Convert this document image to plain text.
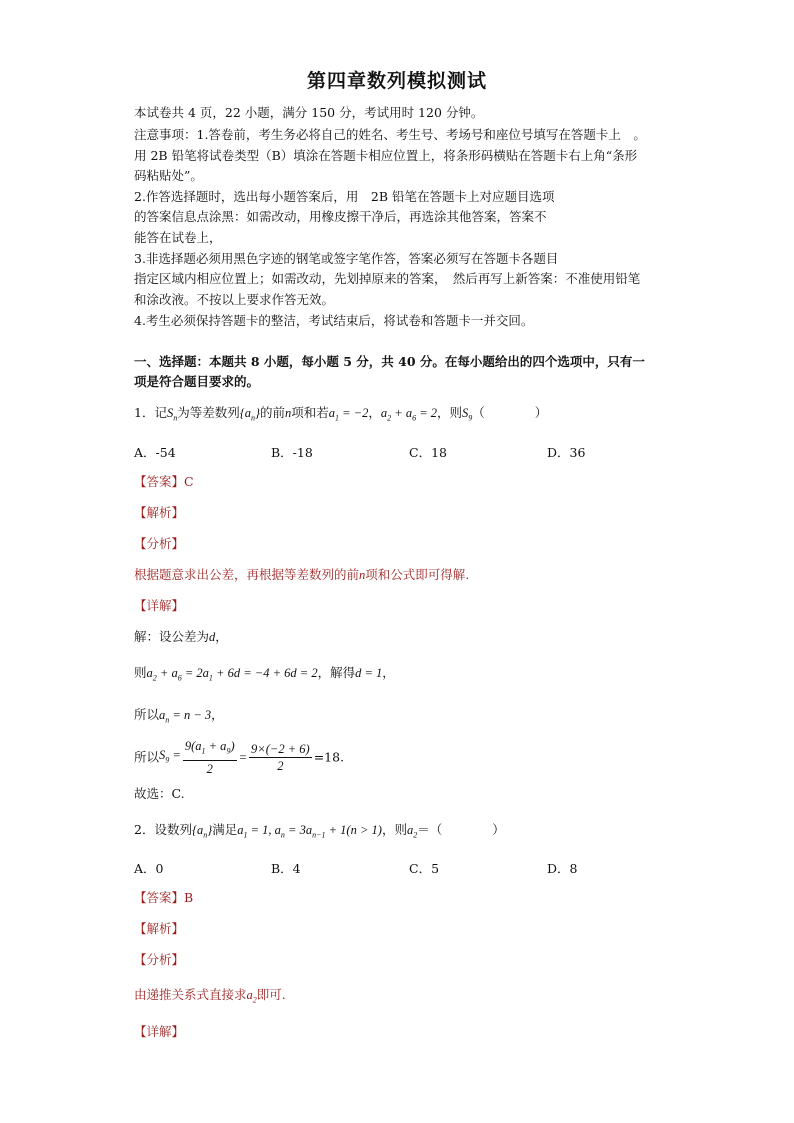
第四章数列模拟测试
本试卷共 4 页，22 小题，满分 150 分，考试用时 120 分钟。
注意事项：1.答卷前，考生务必将自己的姓名、考生号、考场号和座位号填写在答题卡上　。
用 2B 铅笔将试卷类型（B）填涂在答题卡相应位置上，将条形码横贴在答题卡右上角“条形
码粘贴处”。
2.作答选择题时，选出每小题答案后，用　2B 铅笔在答题卡上对应题目选项
的答案信息点涂黑：如需改动，用橡皮擦干净后，再选涂其他答案，答案不
能答在试卷上，
3.非选择题必须用黑色字迹的钢笔或签字笔作答，答案必须写在答题卡各题目
指定区域内相应位置上；如需改动，先划掉原来的答案，　然后再写上新答案：不准使用铅笔
和涂改液。不按以上要求作答无效。
4.考生必须保持答题卡的整洁，考试结束后，将试卷和答题卡一并交回。
一、选择题：本题共 8 小题，每小题 5 分，共 40 分。在每小题给出的四个选项中，只有一
项是符合题目要求的。
1．记$S_n$为等差数列$\{a_n\}$的前n项和若$a_1 = -2$，$a_2 + a_6 = 2$，则$S_9$（　　　　）
A．-54	B．-18	C．18	D．36
【答案】C
【解析】
【分析】
根据题意求出公差，再根据等差数列的前n项和公式即可得解.
【详解】
解：设公差为d，
则$a_2 + a_6 = 2a_1 + 6d = -4 + 6d = 2$，解得d = 1，
所以$a_n = n - 3$，
所以$S_9 = \frac{9(a_1 + a_9)}{2} = \frac{9\times(-2 + 6)}{2} =18$.
故选：C.
2．设数列$\{a_n\}$满足$a_1 = 1$, $a_n = 3a_{n-1} + 1(n > 1)$，则$a_2=$（　　　　）
A．0	B．4	C．5	D．8
【答案】B
【解析】
【分析】
由递推关系式直接求$a_2$即可.
【详解】
